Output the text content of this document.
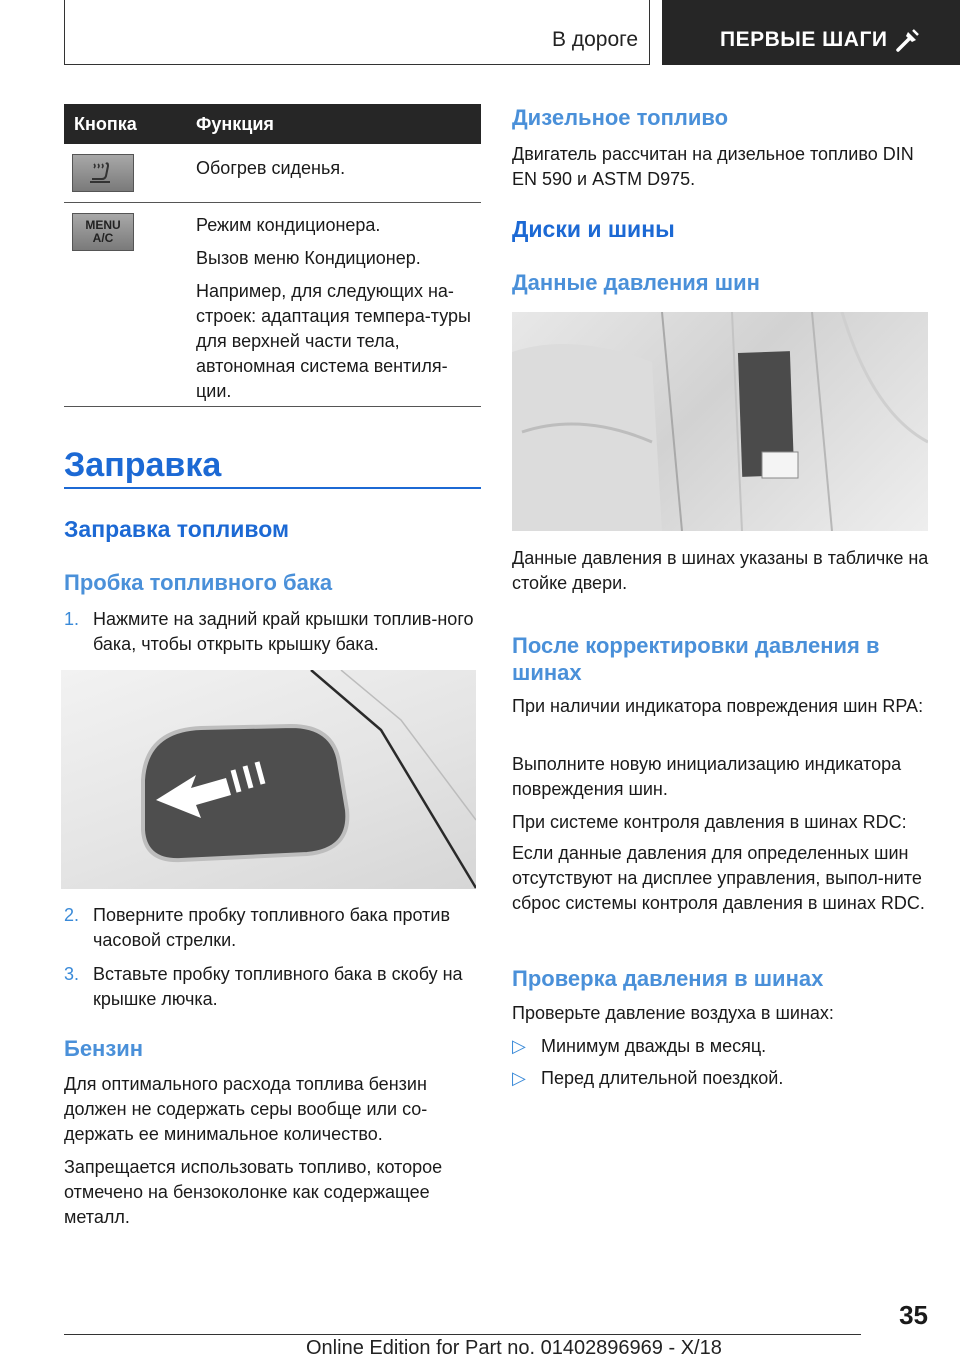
В дороге	ПЕРВЫЕ ШАГИ
Кнопка	Функция

Обогрев сиденья.

MENU A/C

Режим кондиционера.

Вызов меню Кондиционер.

Например, для следующих на-строек: адаптация темпера-туры для верхней части тела, автономная система вентиля-ции.

Заправка
Заправка топливом
Пробка топливного бака
1. Нажмите на задний край крышки топлив-ного бака, чтобы открыть крышку бака.
2. Поверните пробку топливного бака против часовой стрелки.
3. Вставьте пробку топливного бака в скобу на крышке лючка.
Бензин
Для оптимального расхода топлива бензин должен не содержать серы вообще или со-держать ее минимальное количество.
Запрещается использовать топливо, которое отмечено на бензоколонке как содержащее металл.
Дизельное топливо
Двигатель рассчитан на дизельное топливо DIN EN 590 и ASTM D975.
Диски и шины
Данные давления шин
Данные давления в шинах указаны в табличке на стойке двери.
После корректировки давления в шинах
При наличии индикатора повреждения шин RPA:
Выполните новую инициализацию индикатора повреждения шин.
При системе контроля давления в шинах RDC:
Если данные давления для определенных шин отсутствуют на дисплее управления, выпол-ните сброс системы контроля давления в шинах RDC.
Проверка давления в шинах
Проверьте давление воздуха в шинах:
▷ Минимум дважды в месяц.
▷ Перед длительной поездкой.
35
Online Edition for Part no. 01402896969 - X/18
